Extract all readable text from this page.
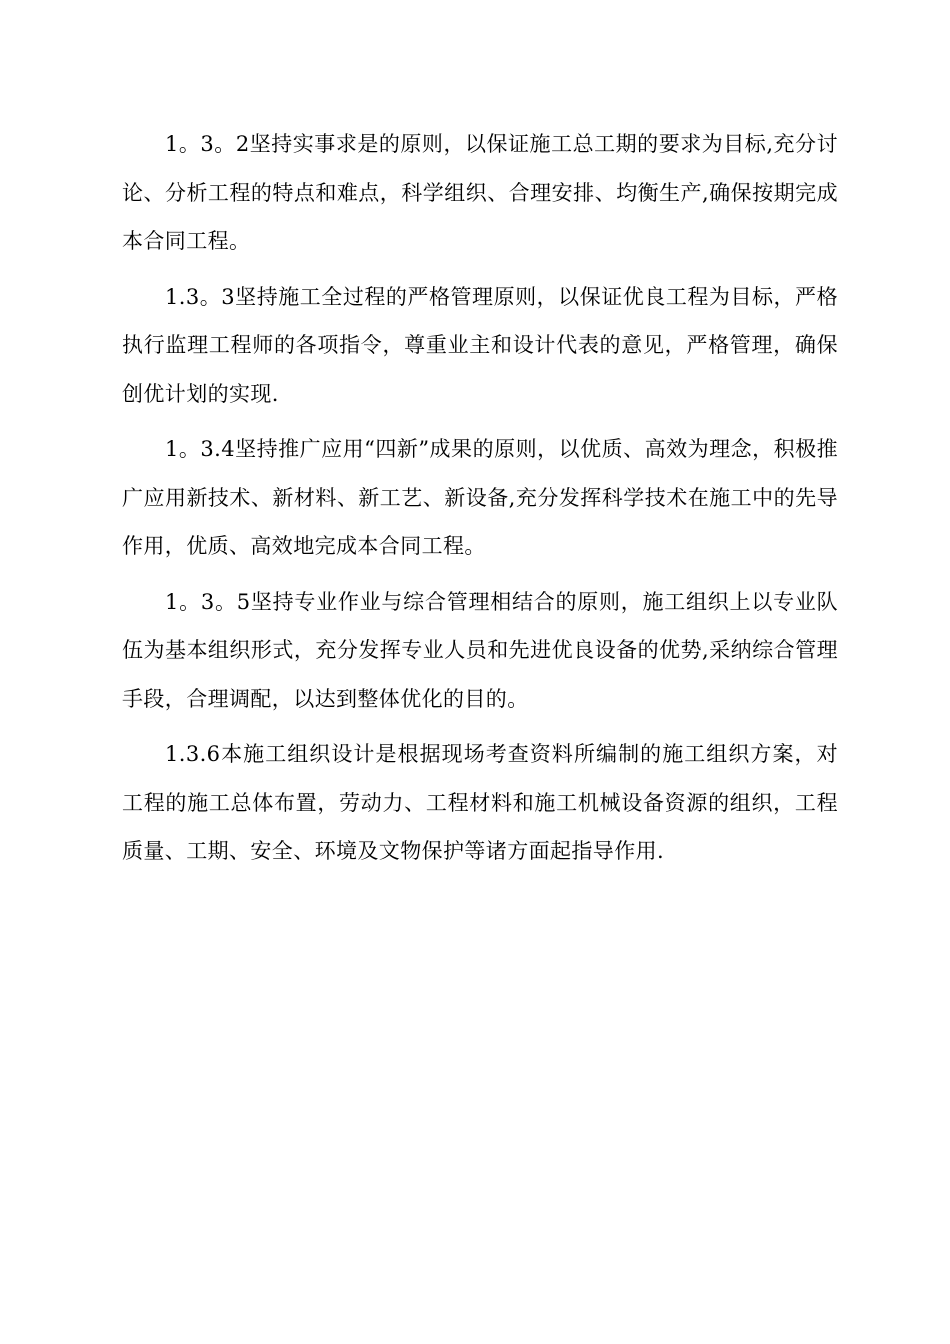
1。3。2坚持实事求是的原则，以保证施工总工期的要求为目标,充分讨论、分析工程的特点和难点，科学组织、合理安排、均衡生产,确保按期完成本合同工程。

1.3。3坚持施工全过程的严格管理原则，以保证优良工程为目标，严格执行监理工程师的各项指令，尊重业主和设计代表的意见，严格管理，确保创优计划的实现.

1。3.4坚持推广应用“四新”成果的原则，以优质、高效为理念，积极推广应用新技术、新材料、新工艺、新设备,充分发挥科学技术在施工中的先导作用，优质、高效地完成本合同工程。

1。3。5坚持专业作业与综合管理相结合的原则，施工组织上以专业队伍为基本组织形式，充分发挥专业人员和先进优良设备的优势,采纳综合管理手段，合理调配，以达到整体优化的目的。

1.3.6本施工组织设计是根据现场考查资料所编制的施工组织方案，对工程的施工总体布置，劳动力、工程材料和施工机械设备资源的组织，工程质量、工期、安全、环境及文物保护等诸方面起指导作用.
